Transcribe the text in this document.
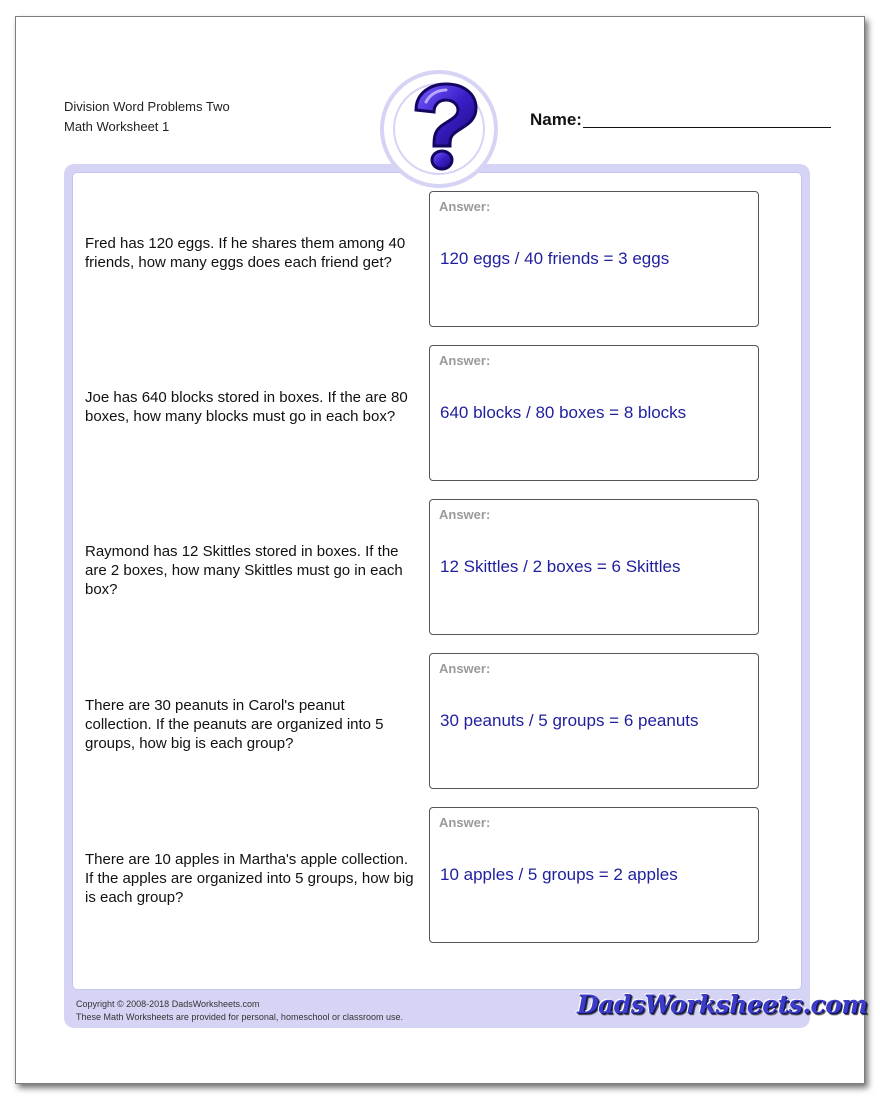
Division Word Problems Two
Math Worksheet 1	Name:
Fred has 120 eggs. If he shares them among 40 friends, how many eggs does each friend get?
Answer:
120 eggs / 40 friends = 3 eggs
Joe has 640 blocks stored in boxes. If the are 80 boxes, how many blocks must go in each box?
Answer:
640 blocks / 80 boxes = 8 blocks
Raymond has 12 Skittles stored in boxes. If the are 2 boxes, how many Skittles must go in each box?
Answer:
12 Skittles / 2 boxes = 6 Skittles
There are 30 peanuts in Carol's peanut collection. If the peanuts are organized into 5 groups, how big is each group?
Answer:
30 peanuts / 5 groups = 6 peanuts
There are 10 apples in Martha's apple collection. If the apples are organized into 5 groups, how big is each group?
Answer:
10 apples / 5 groups = 2 apples
Copyright © 2008-2018 DadsWorksheets.com
These Math Worksheets are provided for personal, homeschool or classroom use.	DadsWorksheets.com
